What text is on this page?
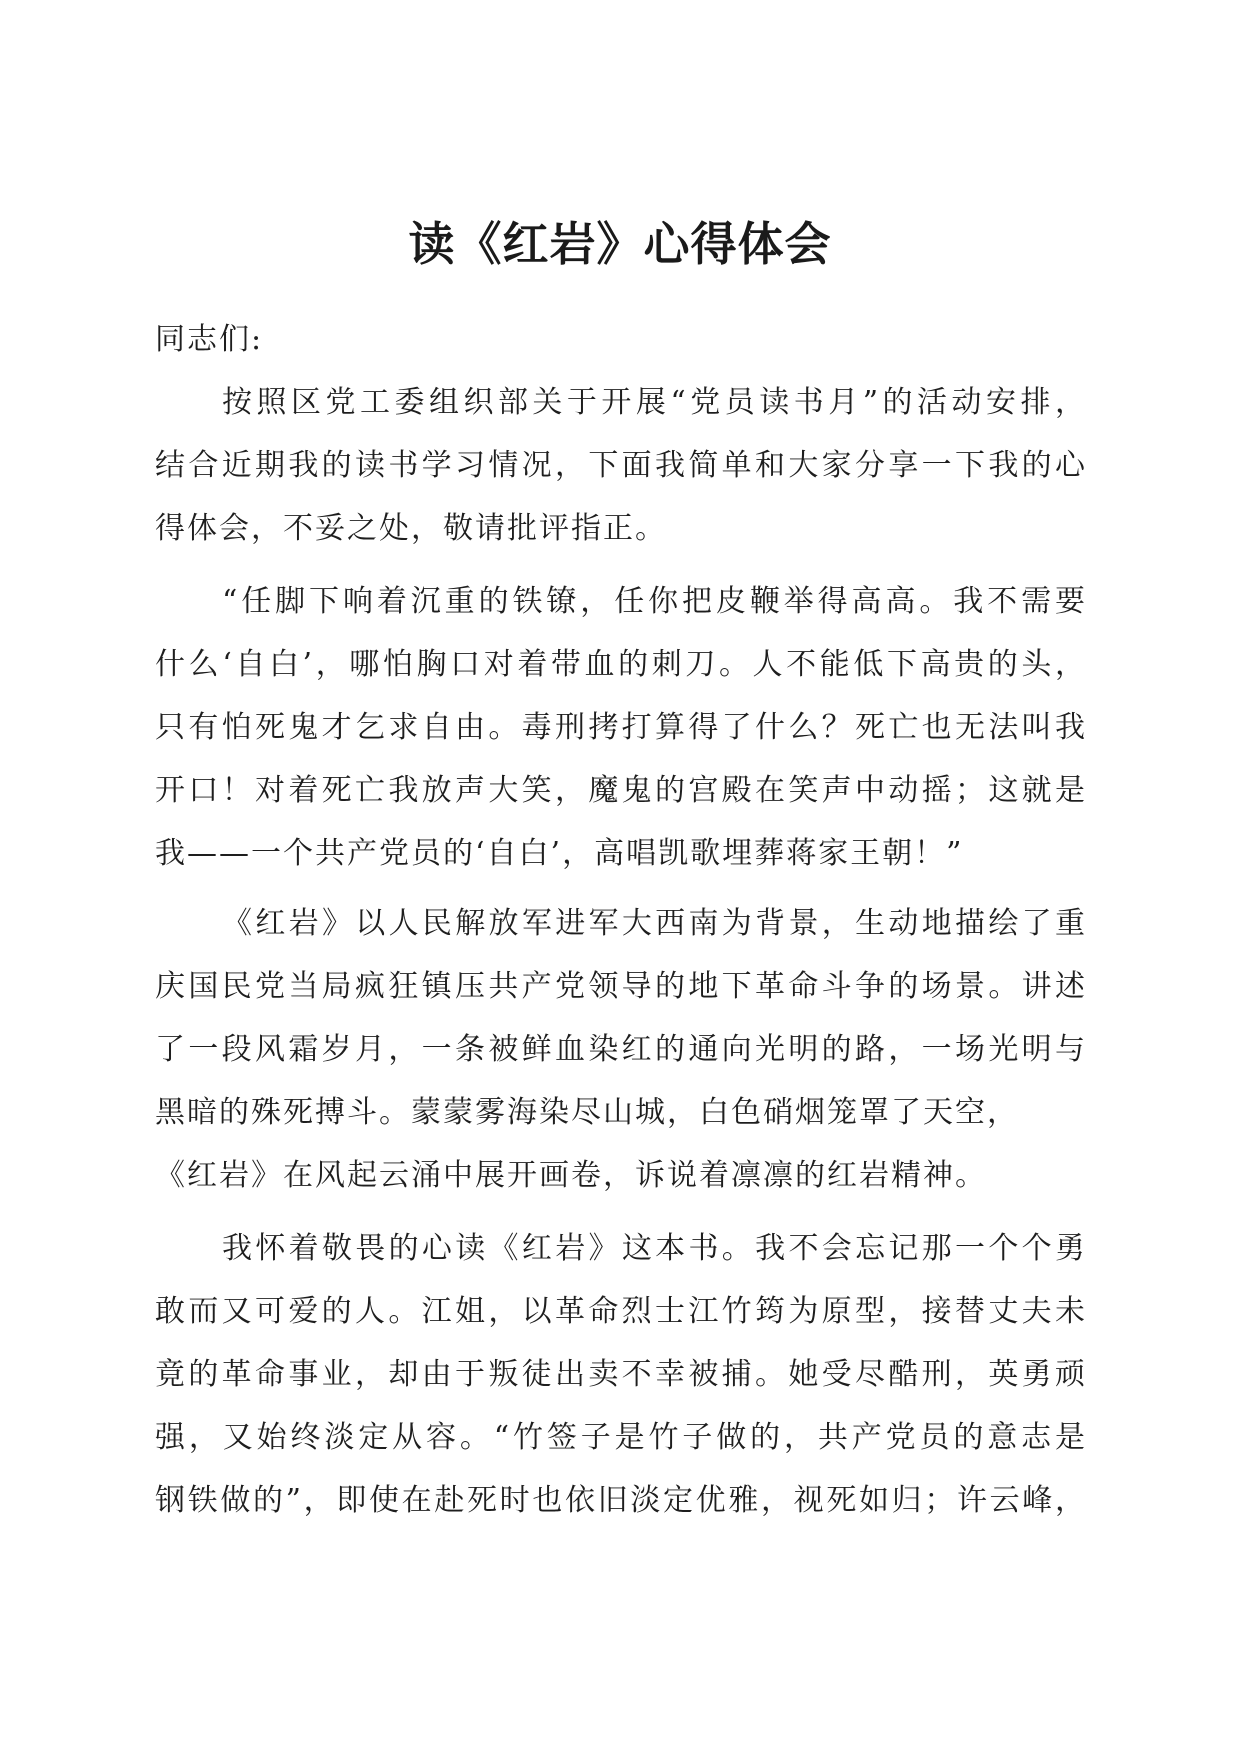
读《红岩》心得体会

同志们:

按照区党工委组织部关于开展“党员读书月”的活动安排，

结合近期我的读书学习情况，下面我简单和大家分享一下我的心

得体会，不妥之处，敬请批评指正。

“任脚下响着沉重的铁镣，任你把皮鞭举得高高。我不需要

什么‘自白’，哪怕胸口对着带血的刺刀。人不能低下高贵的头，

只有怕死鬼才乞求自由。毒刑拷打算得了什么？死亡也无法叫我

开口！对着死亡我放声大笑，魔鬼的宫殿在笑声中动摇；这就是

我——一个共产党员的‘自白’，高唱凯歌埋葬蒋家王朝！”

《红岩》以人民解放军进军大西南为背景，生动地描绘了重

庆国民党当局疯狂镇压共产党领导的地下革命斗争的场景。讲述

了一段风霜岁月，一条被鲜血染红的通向光明的路，一场光明与

黑暗的殊死搏斗。蒙蒙雾海染尽山城，白色硝烟笼罩了天空，

《红岩》在风起云涌中展开画卷，诉说着凛凛的红岩精神。

我怀着敬畏的心读《红岩》这本书。我不会忘记那一个个勇

敢而又可爱的人。江姐，以革命烈士江竹筠为原型，接替丈夫未

竟的革命事业，却由于叛徒出卖不幸被捕。她受尽酷刑，英勇顽

强，又始终淡定从容。“竹签子是竹子做的，共产党员的意志是

钢铁做的”，即使在赴死时也依旧淡定优雅，视死如归；许云峰，
